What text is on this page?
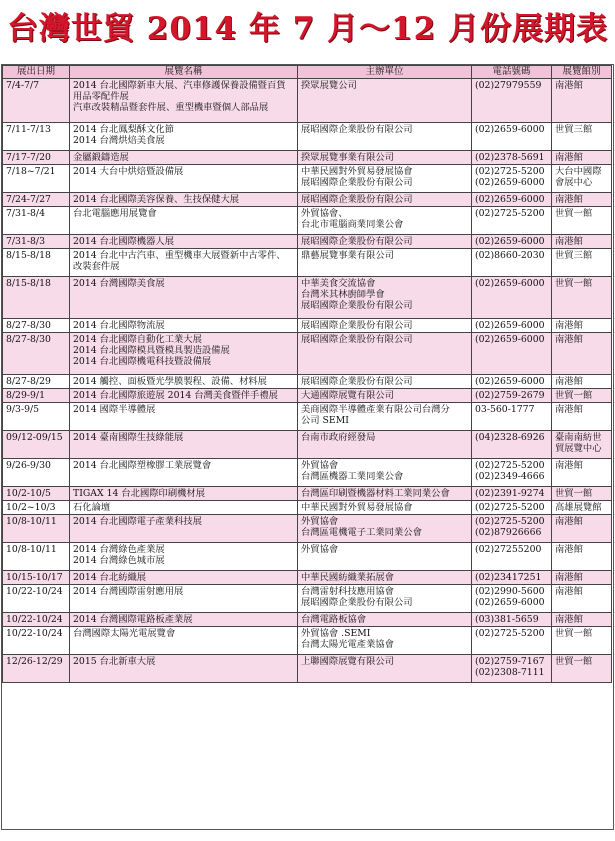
台灣世貿 2014 年 7 月～12 月份展期表
展出日期	展覽名稱	主辦單位	電話號碼	展覽館別

7/4-7/7	2014 台北國際新車大展、汽車修護保養設備暨百貨用品零配件展
汽車改裝精品暨套件展、重型機車暨個人部品展	揆眾展覽公司	(02)27979559	南港館

7/11-7/13	2014 台北鳳梨酥文化節
2014 台灣烘焙美食展	展昭國際企業股份有限公司	(02)2659-6000	世貿三館

7/17-7/20	金屬鍛鑄造展	揆眾展覽事業有限公司	(02)2378-5691	南港館

7/18~7/21	2014 大台中烘焙暨設備展	中華民國對外貿易發展協會
展昭國際企業股份有限公司	(02)2725-5200
(02)2659-6000	大台中國際
會展中心

7/24-7/27	2014 台北國際美容保養、生技保健大展	展昭國際企業股份有限公司	(02)2659-6000	南港館

7/31-8/4	台北電腦應用展覽會	外貿協會、
台北市電腦商業同業公會	(02)2725-5200	世貿一館

7/31-8/3	2014 台北國際機器人展	展昭國際企業股份有限公司	(02)2659-6000	南港館

8/15-8/18	2014 台北中古汽車、重型機車大展暨新中古零件、改裝套件展	鼎藝展覽事業有限公司	(02)8660-2030	世貿三館

8/15-8/18	2014 台灣國際美食展	中華美食交流協會
台灣米其林廚師學會
展昭國際企業股份有限公司	(02)2659-6000	世貿一館

8/27-8/30	2014 台北國際物流展	展昭國際企業股份有限公司	(02)2659-6000	南港館

8/27-8/30	2014 台北國際自動化工業大展
2014 台北國際模具暨模具製造設備展
2014 台北國際機電科技暨設備展	展昭國際企業股份有限公司	(02)2659-6000	南港館

8/27-8/29	2014 觸控、面板暨光學膜製程、設備、材料展	展昭國際企業股份有限公司	(02)2659-6000	南港館

8/29-9/1	2014 台北國際旅遊展 2014 台灣美食暨伴手禮展	大通國際展覽有限公司	(02)2759-2679	世貿一館

9/3-9/5	2014 國際半導體展	美商國際半導體產業有限公司台灣分
公司 SEMI	03-560-1777	南港館

09/12-09/15	2014 臺南國際生技綠能展	台南市政府經發局	(04)2328-6926	臺南南紡世
貿展覽中心

9/26-9/30	2014 台北國際塑橡膠工業展覽會	外貿協會
台灣區機器工業同業公會	(02)2725-5200
(02)2349-4666	南港館

10/2-10/5	TIGAX 14 台北國際印刷機材展	台灣區印刷暨機器材料工業同業公會	(02)2391-9274	世貿一館

10/2~10/3	石化論壇	中華民國對外貿易發展協會	(02)2725-5200	高雄展覽館

10/8-10/11	2014 台北國際電子產業科技展	外貿協會
台灣區電機電子工業同業公會	(02)2725-5200
(02)87926666	南港館

10/8-10/11	2014 台灣綠色產業展
2014 台灣綠色城市展	外貿協會	(02)27255200	南港館

10/15-10/17	2014 台北紡織展	中華民國紡織業拓展會	(02)23417251	南港館

10/22-10/24	2014 台灣國際雷射應用展	台灣雷射科技應用協會
展昭國際企業股份有限公司	(02)2990-5600
(02)2659-6000	南港館

10/22-10/24	2014 台灣國際電路板產業展	台灣電路板協會	(03)381-5659	南港館

10/22-10/24	台灣國際太陽光電展覽會	外貿協會 .SEMI
台灣太陽光電產業協會	(02)2725-5200	世貿一館

12/26-12/29	2015 台北新車大展	上聯國際展覽有限公司	(02)2759-7167
(02)2308-7111	世貿一館
